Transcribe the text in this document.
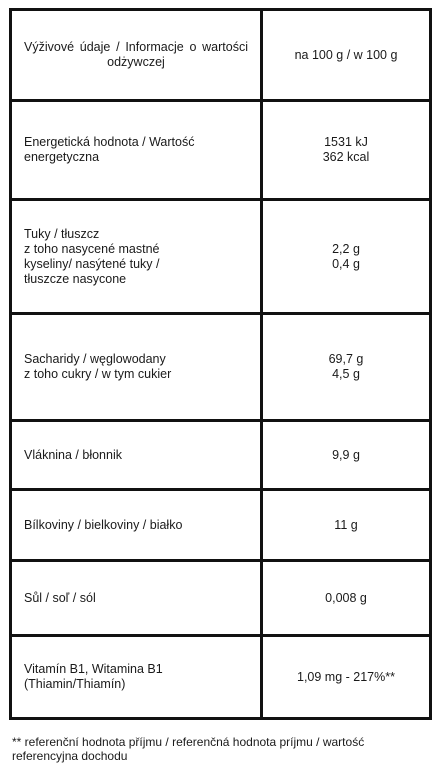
Výživové údaje / Informacje o wartości odżywczej	na 100 g / w 100 g

Energetická hodnota / Wartość
energetyczna	1531 kJ
362 kcal

Tuky / tłuszcz
z toho nasycené mastné
kyseliny/ nasýtené tuky /
tłuszcze nasycone	2,2 g
0,4 g

Sacharidy / węglowodany
z toho cukry / w tym cukier	69,7 g
4,5 g

Vláknina / błonnik	9,9 g

Bílkoviny / bielkoviny / białko	11 g

Sůl / soľ / sól	0,008 g

Vitamín B1, Witamina B1
(Thiamin/Thiamín)	1,09 mg - 217%**
** referenční hodnota příjmu / referenčná hodnota príjmu / wartość referencyjna dochodu
